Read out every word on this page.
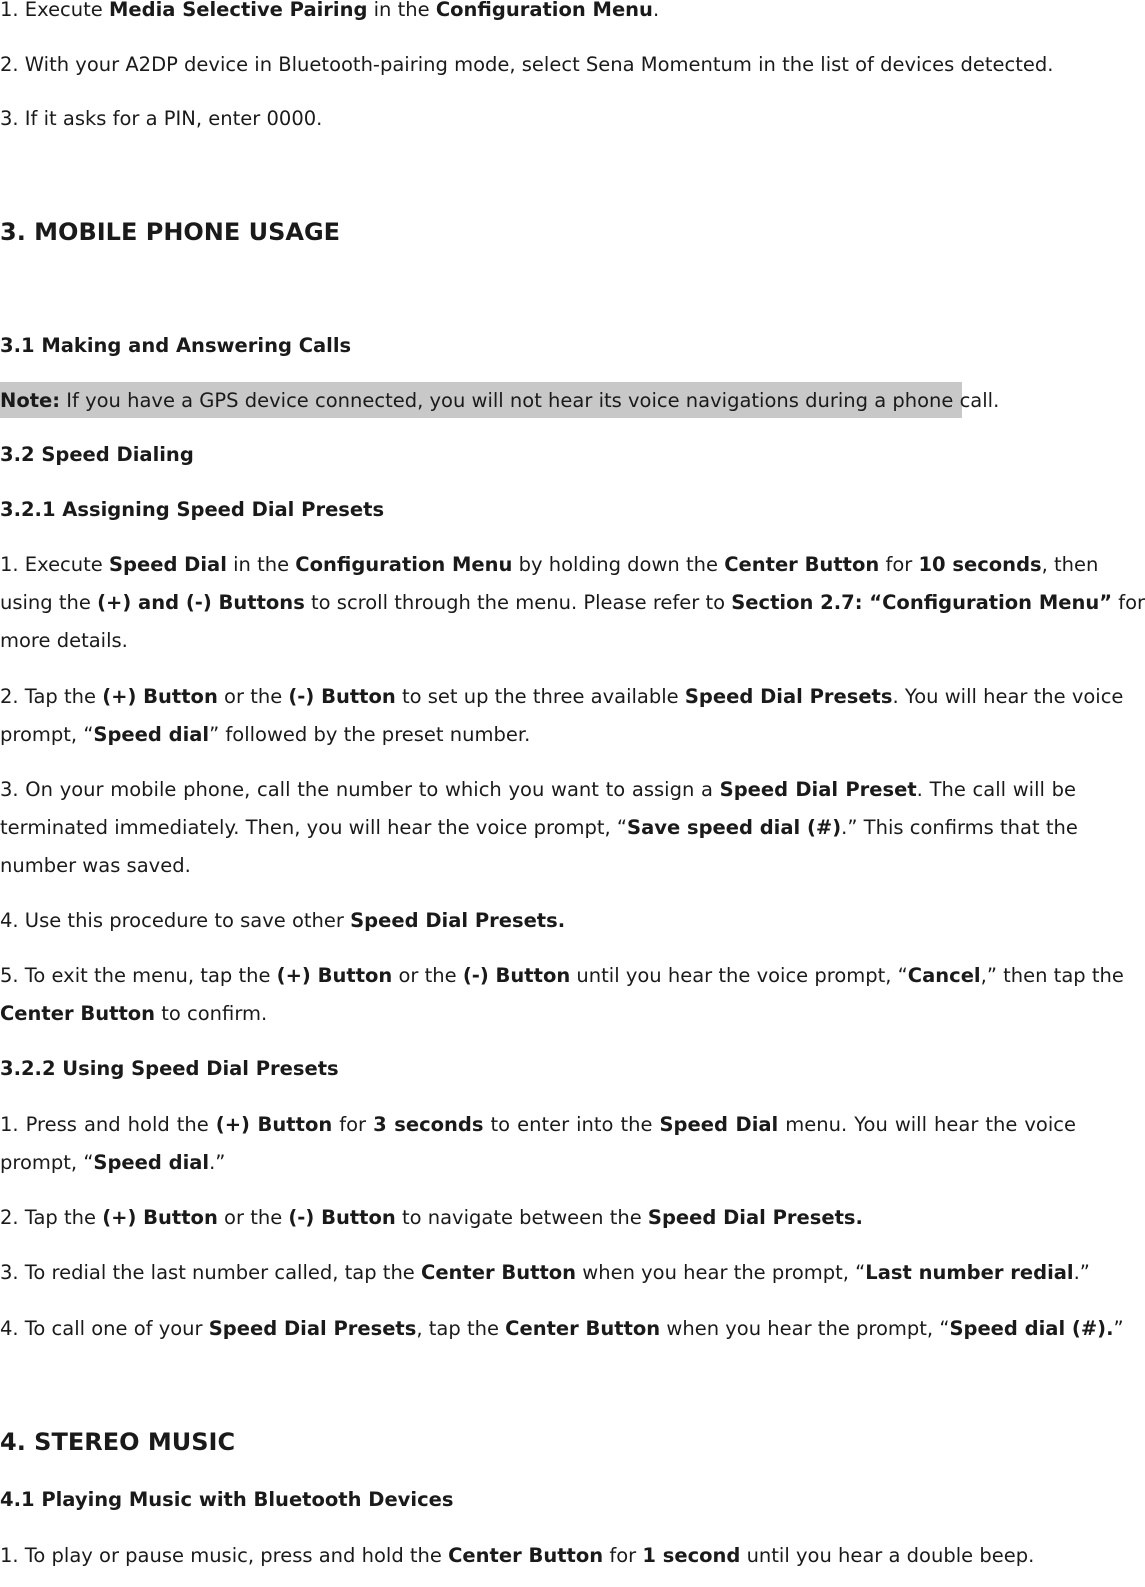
1. Execute Media Selective Pairing in the Configuration Menu.

2. With your A2DP device in Bluetooth-pairing mode, select Sena Momentum in the list of devices detected.

3. If it asks for a PIN, enter 0000.

3. MOBILE PHONE USAGE

3.1 Making and Answering Calls

Note: If you have a GPS device connected, you will not hear its voice navigations during a phone call.

3.2 Speed Dialing

3.2.1 Assigning Speed Dial Presets

1. Execute Speed Dial in the Configuration Menu by holding down the Center Button for 10 seconds, then

using the (+) and (-) Buttons to scroll through the menu. Please refer to Section 2.7: “Configuration Menu” for

more details.

2. Tap the (+) Button or the (-) Button to set up the three available Speed Dial Presets. You will hear the voice

prompt, “Speed dial” followed by the preset number.

3. On your mobile phone, call the number to which you want to assign a Speed Dial Preset. The call will be

terminated immediately. Then, you will hear the voice prompt, “Save speed dial (#).” This confirms that the

number was saved.

4. Use this procedure to save other Speed Dial Presets.

5. To exit the menu, tap the (+) Button or the (-) Button until you hear the voice prompt, “Cancel,” then tap the

Center Button to confirm.

3.2.2 Using Speed Dial Presets

1. Press and hold the (+) Button for 3 seconds to enter into the Speed Dial menu. You will hear the voice

prompt, “Speed dial.”

2. Tap the (+) Button or the (-) Button to navigate between the Speed Dial Presets.

3. To redial the last number called, tap the Center Button when you hear the prompt, “Last number redial.”

4. To call one of your Speed Dial Presets, tap the Center Button when you hear the prompt, “Speed dial (#).”

4. STEREO MUSIC

4.1 Playing Music with Bluetooth Devices

1. To play or pause music, press and hold the Center Button for 1 second until you hear a double beep.
